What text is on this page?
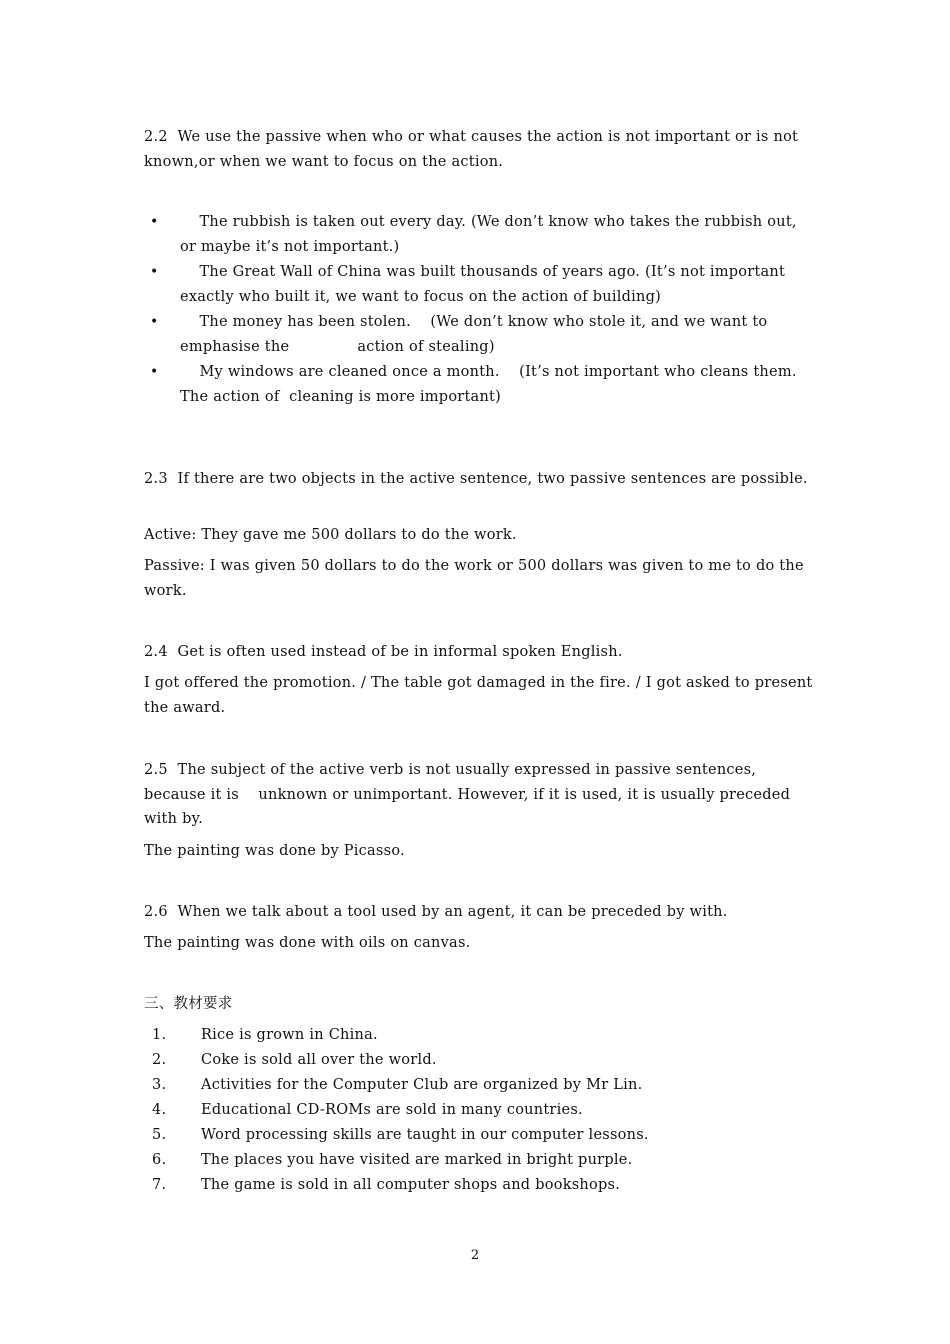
2.2  We use the passive when who or what causes the action is not important or is not known,or when we want to focus on the action.

• The rubbish is taken out every day. (We don’t know who takes the rubbish out, or maybe it’s not important.)
• The Great Wall of China was built thousands of years ago. (It’s not important exactly who built it, we want to focus on the action of building)
• The money has been stolen.    (We don’t know who stole it, and we want to emphasise the              action of stealing)
• My windows are cleaned once a month.    (It’s not important who cleans them. The action of  cleaning is more important)

2.3  If there are two objects in the active sentence, two passive sentences are possible.

Active: They gave me 500 dollars to do the work.

Passive: I was given 50 dollars to do the work or 500 dollars was given to me to do the work.

2.4  Get is often used instead of be in informal spoken English.

I got offered the promotion. / The table got damaged in the fire. / I got asked to present the award.

2.5  The subject of the active verb is not usually expressed in passive sentences, because it is    unknown or unimportant. However, if it is used, it is usually preceded with by.

The painting was done by Picasso.

2.6  When we talk about a tool used by an agent, it can be preceded by with.

The painting was done with oils on canvas.

三、教材要求

1. Rice is grown in China.
2. Coke is sold all over the world.
3. Activities for the Computer Club are organized by Mr Lin.
4. Educational CD-ROMs are sold in many countries.
5. Word processing skills are taught in our computer lessons.
6. The places you have visited are marked in bright purple.
7. The game is sold in all computer shops and bookshops.
2
